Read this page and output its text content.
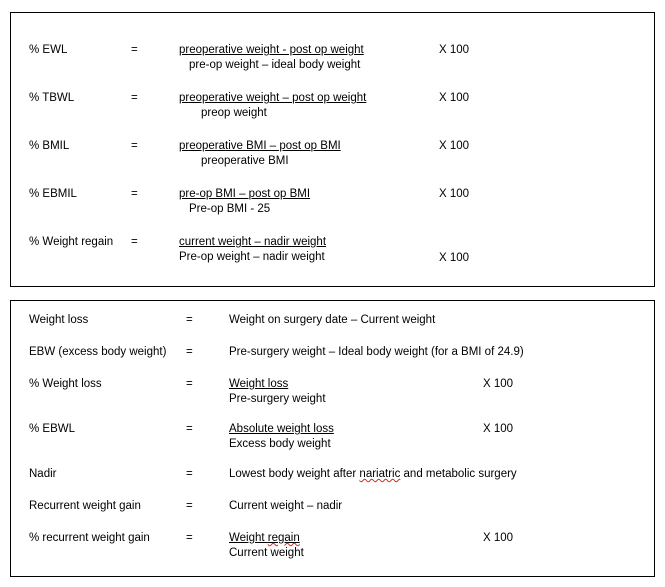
% EWL	=	$\frac{\text{preoperative weight - post op weight}}{\text{pre-op weight – ideal body weight}}$	X 100
% TBWL	=	$\frac{\text{preoperative weight – post op weight}}{\text{preop weight}}$	X 100
% BMIL	=	$\frac{\text{preoperative BMI – post op BMI}}{\text{preoperative BMI}}$	X 100
% EBMIL	=	$\frac{\text{pre-op BMI – post op BMI}}{\text{Pre-op BMI - 25}}$	X 100
% Weight regain =	$\frac{\text{current weight – nadir weight}}{\text{Pre-op weight – nadir weight}}$	X 100
Weight loss	=	Weight on surgery date – Current weight
EBW (excess body weight) =	Pre-surgery weight – Ideal body weight (for a BMI of 24.9)
% Weight loss	=	$\frac{\text{Weight loss}}{\text{Pre-surgery weight}}$	X 100
% EBWL	=	$\frac{\text{Absolute weight loss}}{\text{Excess body weight}}$	X 100
Nadir	=	Lowest body weight after nariatric and metabolic surgery
Recurrent weight gain	=	Current weight – nadir
% recurrent weight gain	=	$\frac{\text{Weight regain}}{\text{Current weight}}$	X 100
